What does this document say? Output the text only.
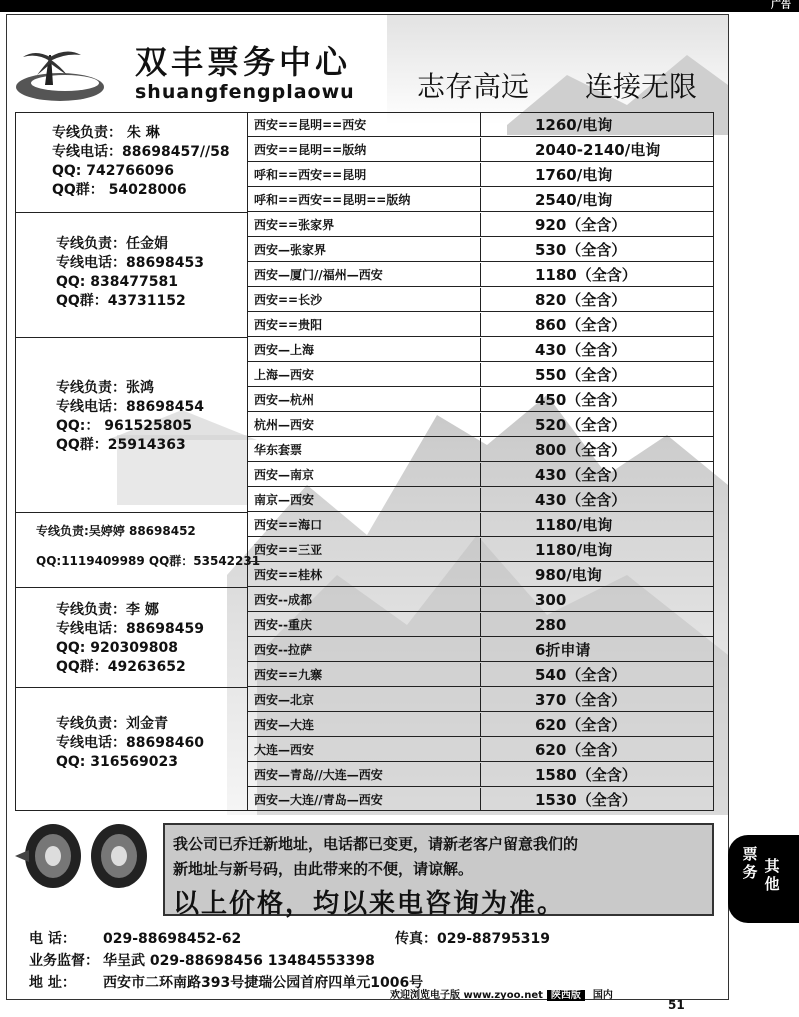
广告
双丰票务中心
shuangfengplaowu 志存高远 连接无限
专线负责： 朱 琳
专线电话：88698457//58
QQ: 742766096
QQ群： 54028006
专线负责：任金娟
专线电话：88698453
QQ: 838477581
QQ群：43731152
专线负责：张鸿
专线电话：88698454
QQ:： 961525805
QQ群：25914363
专线负责:吴婷婷 88698452
QQ:1119409989 QQ群：53542231
专线负责：李 娜
专线电话：88698459
QQ: 920309808
QQ群：49263652
专线负责：刘金青
专线电话：88698460
QQ: 316569023
西安==昆明==西安	1260/电询
西安==昆明==版纳	2040-2140/电询
呼和==西安==昆明	1760/电询
呼和==西安==昆明==版纳	2540/电询
西安==张家界	920（全含）
西安—张家界	530（全含）
西安—厦门//福州—西安	1180（全含）
西安==长沙	820（全含）
西安==贵阳	860（全含）
西安—上海	430（全含）
上海—西安	550（全含）
西安—杭州	450（全含）
杭州—西安	520（全含）
华东套票	800（全含）
西安—南京	430（全含）
南京—西安	430（全含）
西安==海口	1180/电询
西安==三亚	1180/电询
西安==桂林	980/电询
西安--成都	300
西安--重庆	280
西安--拉萨	6折申请
西安==九寨	540（全含）
西安—北京	370（全含）
西安—大连	620（全含）
大连—西安	620（全含）
西安—青岛//大连—西安	1580（全含）
西安—大连//青岛—西安	1530（全含）
我公司已乔迁新地址，电话都已变更，请新老客户留意我们的
新地址与新号码，由此带来的不便，请谅解。
以上价格，均以来电咨询为准。
电 话： 029-88698452-62	传真：029-88795319
业务监督： 华呈武 029-88698456 13484553398
地 址： 西安市二环南路393号捷瑞公园首府四单元1006号
欢迎浏览电子版 www.zyoo.net 陕西版 国内
51
票务 其他
